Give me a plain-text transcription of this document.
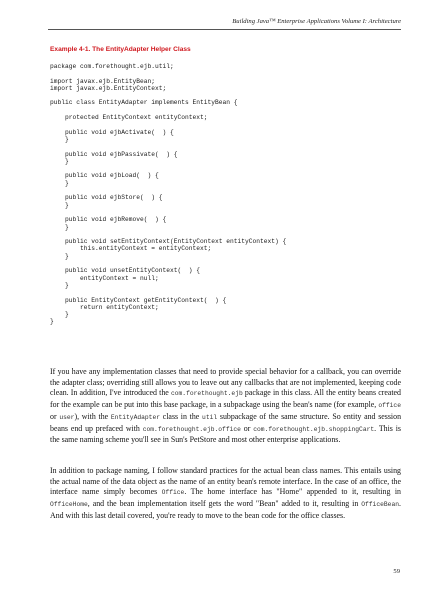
Building Java™ Enterprise Applications Volume I: Architecture
Example 4-1. The EntityAdapter Helper Class
package com.forethought.ejb.util;

import javax.ejb.EntityBean;
import javax.ejb.EntityContext;

public class EntityAdapter implements EntityBean {

protected EntityContext entityContext;

public void ejbActivate(  ) {
}

public void ejbPassivate(  ) {
}

public void ejbLoad(  ) {
}

public void ejbStore(  ) {
}

public void ejbRemove(  ) {
}

public void setEntityContext(EntityContext entityContext) {
this.entityContext = entityContext;
}

public void unsetEntityContext(  ) {
entityContext = null;
}

public EntityContext getEntityContext(  ) {
return entityContext;
}
}

If you have any implementation classes that need to provide special behavior for a callback, you can override the adapter class; overriding still allows you to leave out any callbacks that are not implemented, keeping code clean. In addition, I've introduced the com.forethought.ejb package in this class. All the entity beans created for the example can be put into this base package, in a subpackage using the bean's name (for example, office or user), with the EntityAdapter class in the util subpackage of the same structure. So entity and session beans end up prefaced with com.forethought.ejb.office or com.forethought.ejb.shoppingCart. This is the same naming scheme you'll see in Sun's PetStore and most other enterprise applications.

In addition to package naming, I follow standard practices for the actual bean class names. This entails using the actual name of the data object as the name of an entity bean's remote interface. In the case of an office, the interface name simply becomes Office. The home interface has "Home" appended to it, resulting in OfficeHome, and the bean implementation itself gets the word "Bean" added to it, resulting in OfficeBean. And with this last detail covered, you're ready to move to the bean code for the office classes.

59
